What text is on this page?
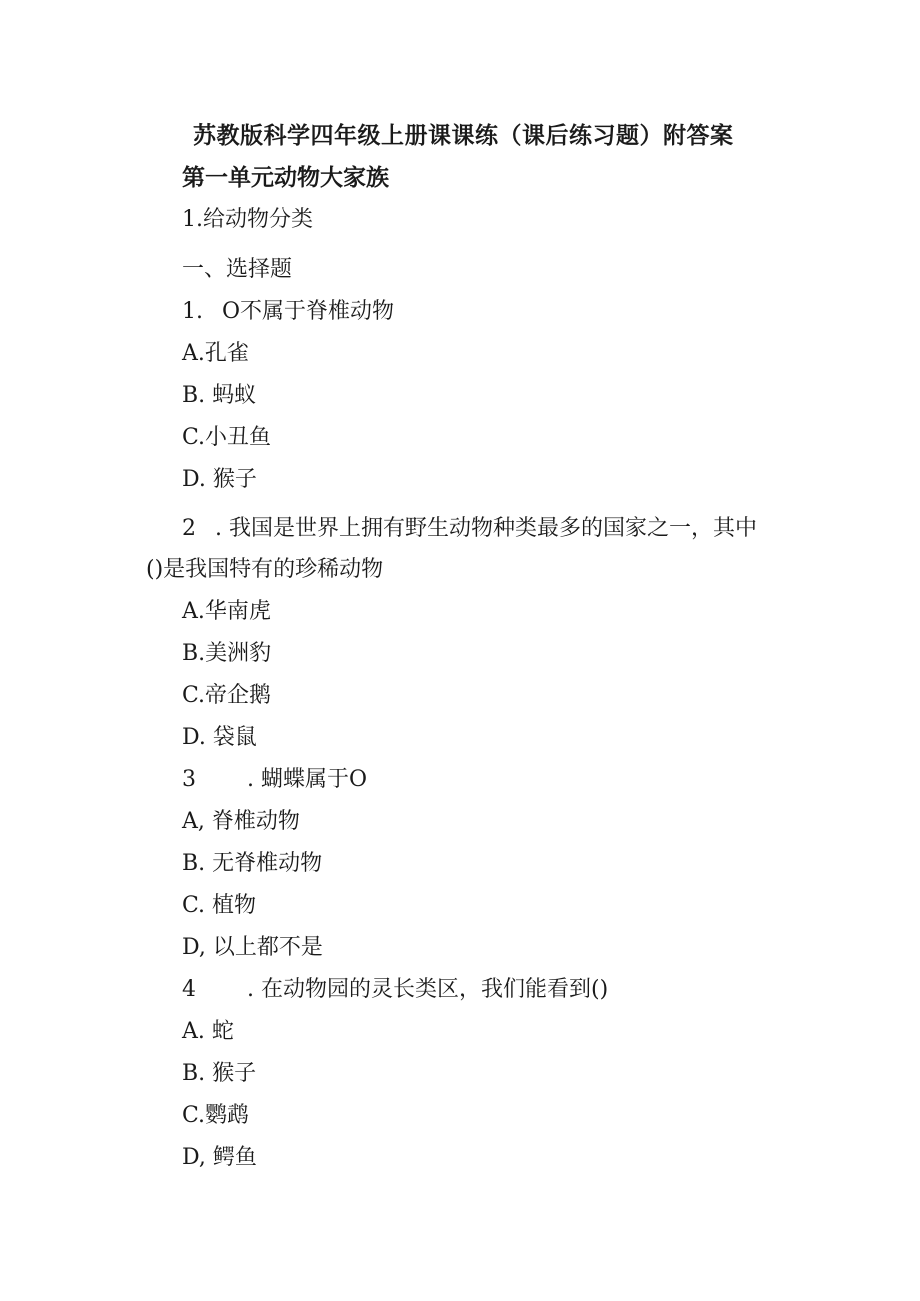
苏教版科学四年级上册课课练（课后练习题）附答案
第一单元动物大家族
1.给动物分类
一、选择题
1. O不属于脊椎动物
A.孔雀
B. 蚂蚁
C.小丑鱼
D. 猴子
2 . 我国是世界上拥有野生动物种类最多的国家之一，其中
()是我国特有的珍稀动物
A.华南虎
B.美洲豹
C.帝企鹅
D. 袋鼠
3 . 蝴蝶属于O
A, 脊椎动物
B. 无脊椎动物
C. 植物
D, 以上都不是
4 . 在动物园的灵长类区，我们能看到()
A. 蛇
B. 猴子
C.鹦鹉
D, 鳄鱼
